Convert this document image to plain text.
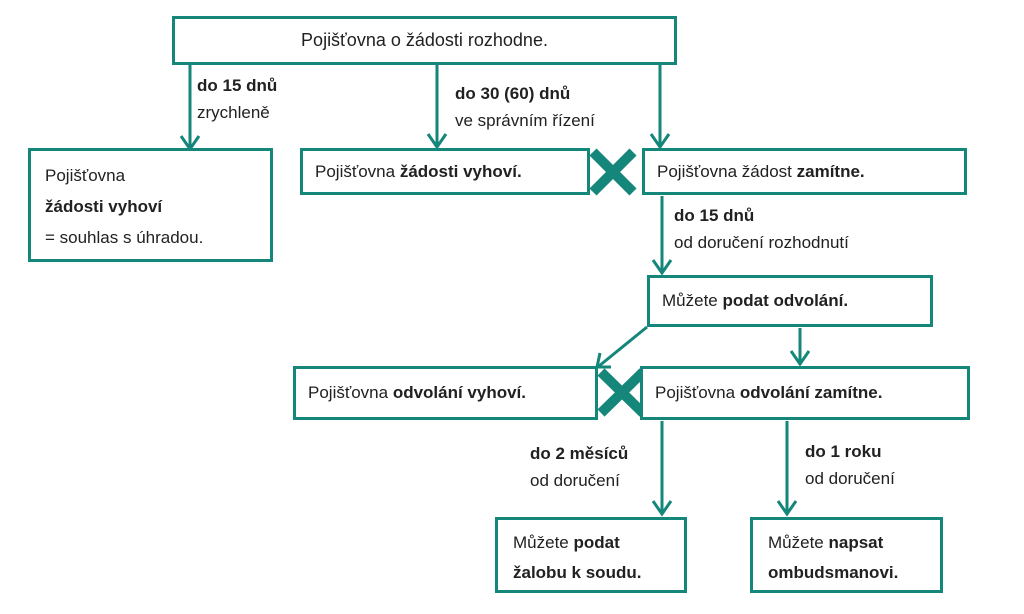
Pojišťovna o žádosti rozhodne.
Pojišťovna
žádosti vyhoví
= souhlas s úhradou.
Pojišťovna žádosti vyhoví.	Pojišťovna žádost zamítne.
Můžete podat odvolání.
Pojišťovna odvolání vyhoví.	Pojišťovna odvolání zamítne.
Můžete podat
žalobu k soudu.
Můžete napsat
ombudsmanovi.
do 15 dnů
zrychleně
do 30 (60) dnů
ve správním řízení
do 15 dnů
od doručení rozhodnutí
do 2 měsíců
od doručení
do 1 roku
od doručení
